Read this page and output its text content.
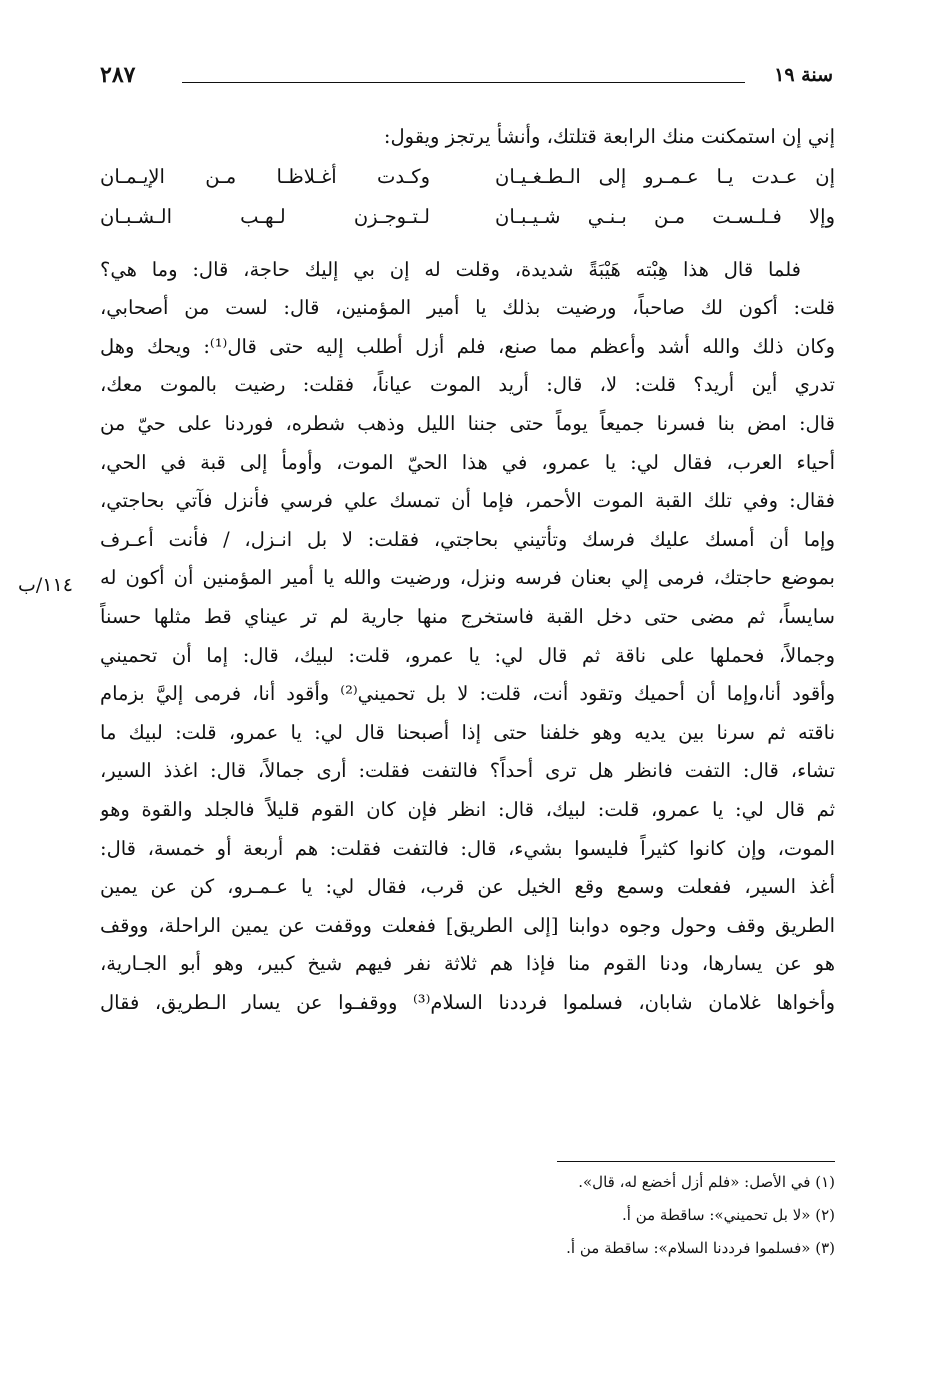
سنة ١٩
٢٨٧
إني إن استمكنت منك الرابعة قتلتك، وأنشأ يرتجز ويقول:
إن عـدت يـا عـمـرو إلى الـطـغـيـان
وكـدت أغـلاظـا مـن الإيـمـان
وإلا فـلـسـت مـن بـنـي شـيـبـان
لـتـوجـزن لـهـب الـشـبـان
فلما قال هذا هِبْته هَيْبَةً شديدة، وقلت له إن بي إليك حاجة، قال: وما هي؟
قلت: أكون لك صاحباً، ورضيت بذلك يا أمير المؤمنين، قال: لست من أصحابي،
وكان ذلك والله أشد وأعظم مما صنع، فلم أزل أطلب إليه حتى قال⁽¹⁾: ويحك وهل
تدري أين أريد؟ قلت: لا، قال: أريد الموت عياناً، فقلت: رضيت بالموت معك،
قال: امض بنا فسرنا جميعاً يوماً حتى جننا الليل وذهب شطره، فوردنا على حيّ من
أحياء العرب، فقال لي: يا عمرو، في هذا الحيّ الموت، وأومأ إلى قبة في الحي،
فقال: وفي تلك القبة الموت الأحمر، فإما أن تمسك علي فرسي فأنزل فآتي بحاجتي،
وإما أن أمسك عليك فرسك وتأتيني بحاجتي، فقلت: لا بل انـزل، / فأنت أعـرف
بموضع حاجتك، فرمى إلي بعنان فرسه ونزل، ورضيت والله يا أمير المؤمنين أن أكون له
سايساً، ثم مضى حتى دخل القبة فاستخرج منها جارية لم تر عيناي قط مثلها حسناً
وجمالاً، فحملها على ناقة ثم قال لي: يا عمرو، قلت: لبيك، قال: إما أن تحميني
وأقود أنا،وإما أن أحميك وتقود أنت، قلت: لا بل تحميني⁽²⁾ وأقود أنا، فرمى إليَّ بزمام
ناقته ثم سرنا بين يديه وهو خلفنا حتى إذا أصبحنا قال لي: يا عمرو، قلت: لبيك ما
تشاء، قال: التفت فانظر هل ترى أحداً؟ فالتفت فقلت: أرى جمالاً، قال: اغذذ السير،
ثم قال لي: يا عمرو، قلت: لبيك، قال: انظر فإن كان القوم قليلاً فالجلد والقوة وهو
الموت، وإن كانوا كثيراً فليسوا بشيء، قال: فالتفت فقلت: هم أربعة أو خمسة، قال:
أغذ السير، ففعلت وسمع وقع الخيل عن قرب، فقال لي: يا عـمـرو، كن عن يمين
الطريق وقف وحول وجوه دوابنا [إلى الطريق] ففعلت ووقفت عن يمين الراحلة، ووقف
هو عن يسارها، ودنا القوم منا فإذا هم ثلاثة نفر فيهم شيخ كبير، وهو أبو الجـارية،
وأخواها غلامان شابان، فسلموا فرددنا السلام⁽³⁾ ووقفـوا عن يسار الـطريق، فقال
١١٤/ب
(١) في الأصل: «فلم أزل أخضع له، قال».
(٢) «لا بل تحميني»: ساقطة من أ.
(٣) «فسلموا فرددنا السلام»: ساقطة من أ.
